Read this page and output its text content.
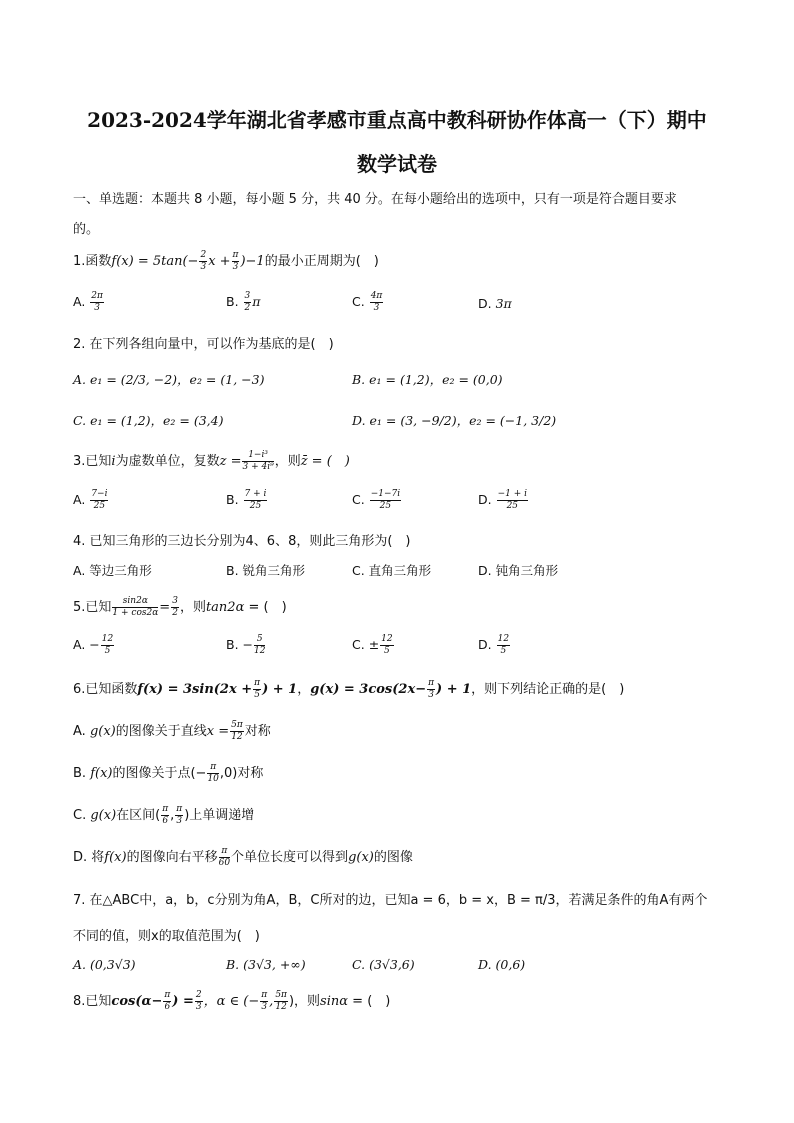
2023-2024学年湖北省孝感市重点高中教科研协作体高一（下）期中
数学试卷
一、单选题：本题共 8 小题，每小题 5 分，共 40 分。在每小题给出的选项中，只有一项是符合题目要求
的。
1.函数$f(x) = 5\tan(- \frac{2}{3}$ $x + \frac{\pi}{3} )-1$的最小正周期为(　)
A. $\frac{2\pi}{3}$	B. $\frac{3}{2}$ π	C. $\frac{4\pi}{3}$	D. 3π
2. 在下列各组向量中，可以作为基底的是(　)
A. e₁ = (2/3, −2)，e₂ = (1, −3)	B. e₁ = (1,2)，e₂ = (0,0)
C. e₁ = (1,2)，e₂ = (3,4)	D. e₁ = (3, −9/2)，e₂ = (−1, 3/2)
3.已知i为虚数单位，复数$z = \frac{\text{1−i³}}{\text{3 + 4i⁹}}$ ，则z̄ = (　)
A. $\frac{7-i}{25}$	B. $\frac{7 + i}{25}$	C. $\frac{-1-7i}{25}$	D. $\frac{-1 + i}{25}$
4. 已知三角形的三边长分别为4、6、8，则此三角形为(　)
A. 等边三角形	B. 锐角三角形	C. 直角三角形	D. 钝角三角形
5.已知 $\frac{\sin 2\alpha}{1 + \cos 2\alpha} = \frac{3}{2}$ ，则tan2α = (　)
A. − $\frac{12}{5}$	B. − $\frac{5}{12}$	C. ± $\frac{12}{5}$	D. $\frac{12}{5}$
6.已知函数$f(x) = 3\sin(2x + \frac{\pi}{5}$ ) + 1，$g(x) = 3\cos(2x- \frac{\pi}{3}$ ) + 1，则下列结论正确的是(　)
A. g(x)的图像关于直线$x = \frac{5\pi}{12}$ 对称
B. f(x)的图像关于点(− $\frac{\pi}{10} ,0$)对称
C. g(x)在区间( $\frac{\pi}{6}$ , $\frac{\pi}{3}$ )上单调递增
D. 将f(x)的图像向右平移 $\frac{\pi}{60}$ 个单位长度可以得到g(x)的图像
7. 在△ABC中，a，b，c分别为角A，B，C所对的边，已知a = 6，b = x，B = π/3，若满足条件的角A有两个
不同的值，则x的取值范围为(　)
A. (0,3√3)	B. (3√3, +∞)	C. (3√3,6)	D. (0,6)
8.已知$\cos(\alpha- \frac{\pi}{6}$ ) = $\frac{2}{3}$ ，α ∈ (− $\frac{\pi}{3}$ , $\frac{5\pi}{12}$ )，则sinα = (　)
